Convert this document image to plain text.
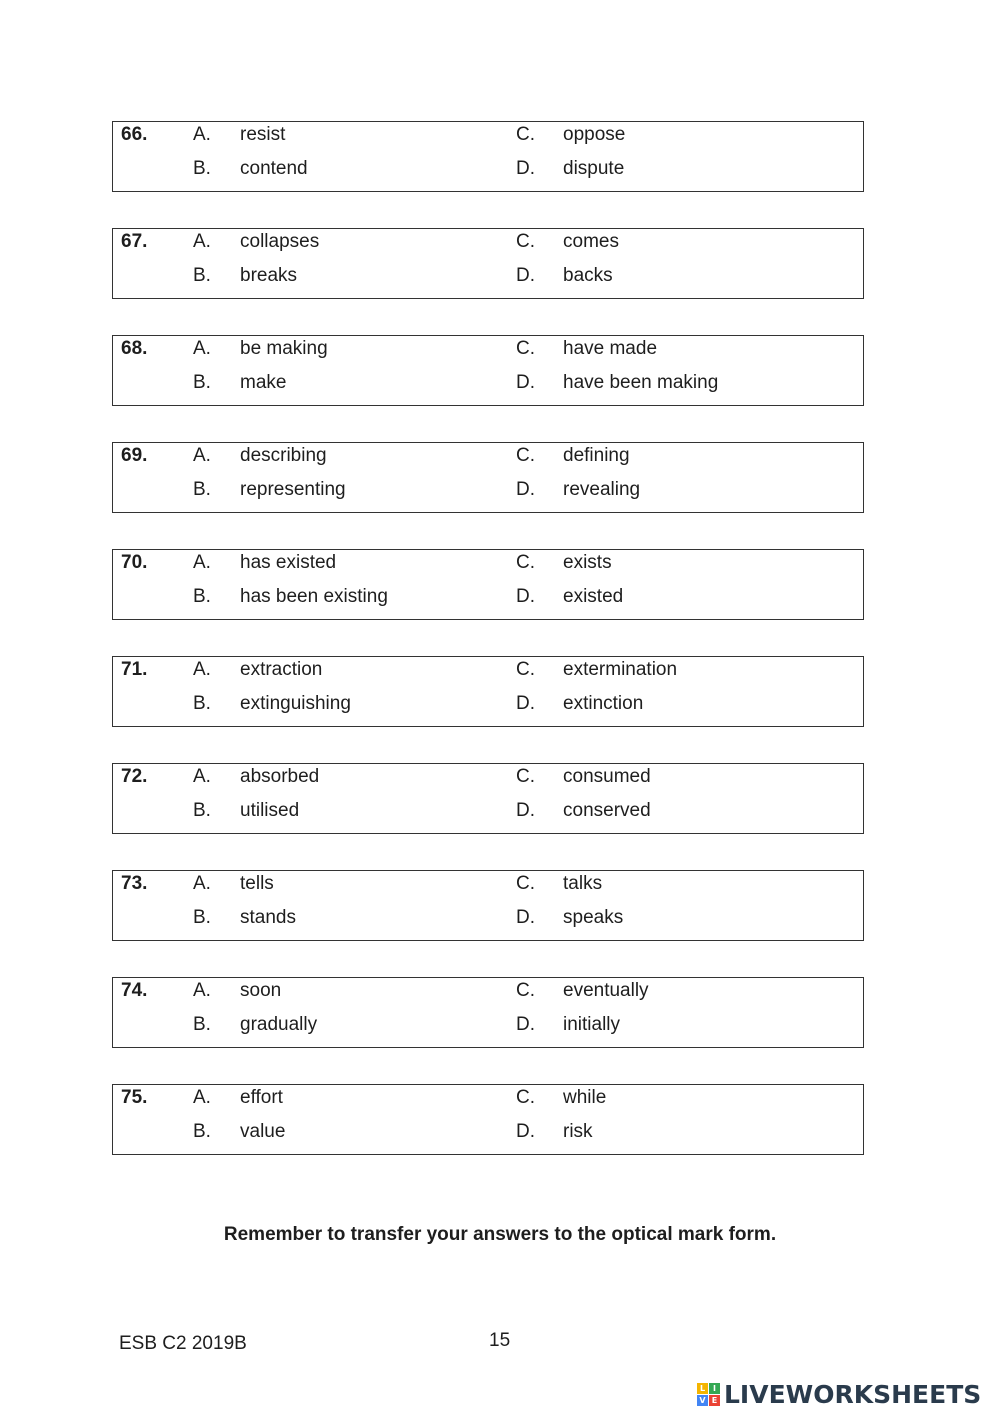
66. A. resist	C. oppose
B. contend	D. dispute
67. A. collapses	C. comes
B. breaks	D. backs
68. A. be making	C. have made
B. make	D. have been making
69. A. describing	C. defining
B. representing	D. revealing
70. A. has existed	C. exists
B. has been existing	D. existed
71. A. extraction	C. extermination
B. extinguishing	D. extinction
72. A. absorbed	C. consumed
B. utilised	D. conserved
73. A. tells	C. talks
B. stands	D. speaks
74. A. soon	C. eventually
B. gradually	D. initially
75. A. effort	C. while
B. value	D. risk
Remember to transfer your answers to the optical mark form.
ESB C2 2019B	15
L I
V E LIVEWORKSHEETS
